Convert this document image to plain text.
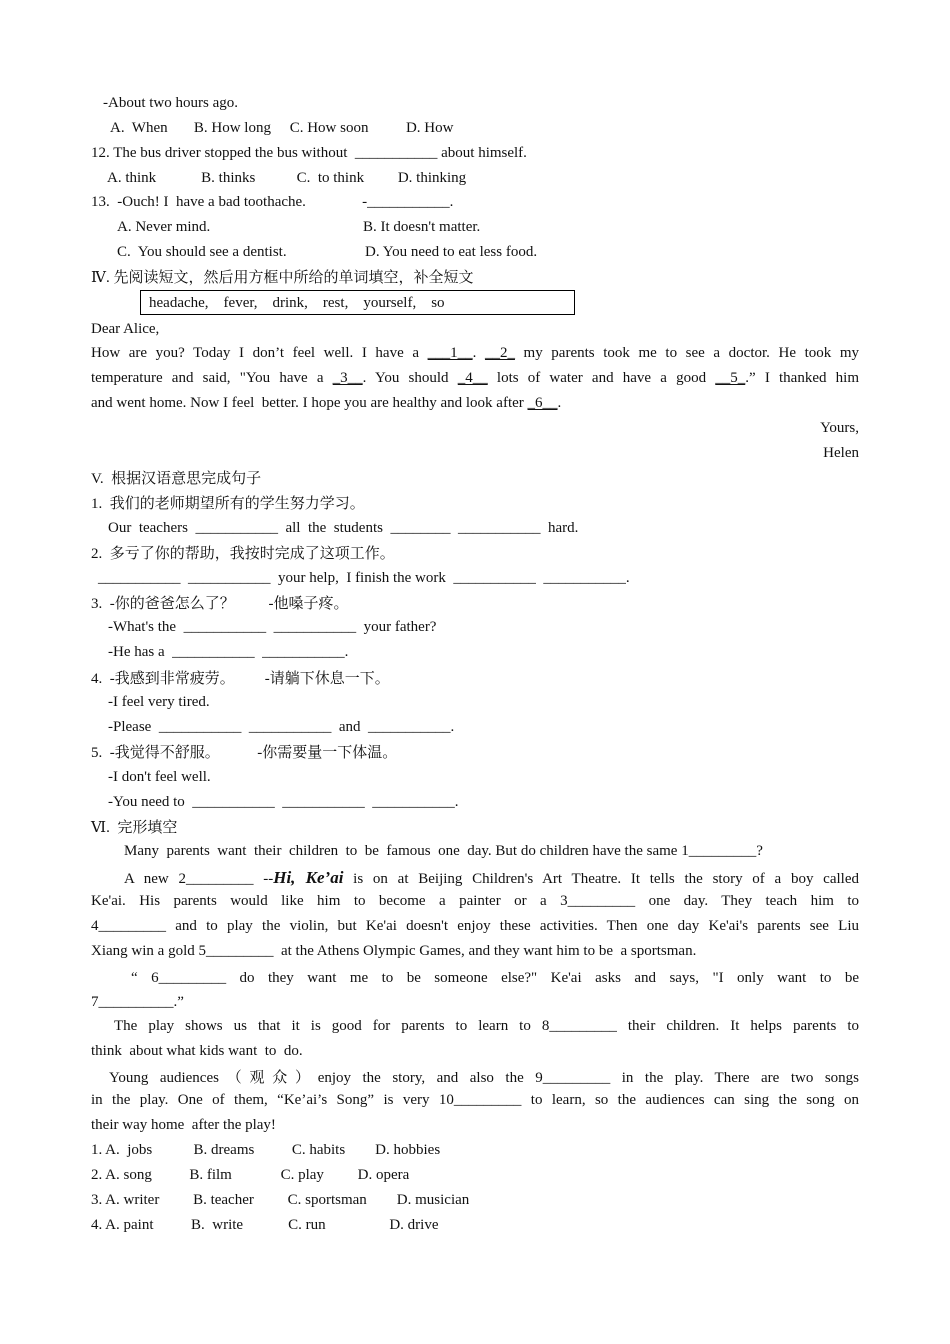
-About two hours ago.
A.  When       B. How long     C. How soon          D. How
12. The bus driver stopped the bus without  ___________ about himself.
A. think            B. thinks           C.  to think         D. thinking
13.  -Ouch! I  have a bad toothache.               -___________.
A. Never mind.	B. It doesn't matter.
C.  You should see a dentist.	D. You need to eat less food.
Ⅳ. 先阅读短文，然后用方框中所给的单词填空，补全短文
headache,    fever,    drink,    rest,    yourself,    so
Dear Alice,
How are you? Today I don’t feel well. I have a ___1__. __2_ my parents took me to see a doctor. He took my
temperature and said, "You have a _3__. You should _4__ lots of water and have a good __5_.” I thanked him
and went home. Now I feel  better. I hope you are healthy and look after _6__.
Yours,
Helen
V.  根据汉语意思完成句子
1.  我们的老师期望所有的学生努力学习。
Our  teachers  ___________  all  the  students  ________  ___________  hard.
2.  多亏了你的帮助，我按时完成了这项工作。
___________  ___________  your help,  I finish the work  ___________  ___________.
3.  -你的爸爸怎么了？         -他嗓子疼。
-What's the  ___________  ___________  your father?
-He has a  ___________  ___________.
4.  -我感到非常疲劳。        -请躺下休息一下。
-I feel very tired.
-Please  ___________  ___________  and  ___________.
5.  -我觉得不舒服。          -你需要量一下体温。
-I don't feel well.
-You need to  ___________  ___________  ___________.
Ⅵ.  完形填空
Many  parents  want  their  children  to  be  famous  one  day. But do children have the same 1_________?
A new 2_________ --Hi, Ke’ai is on at Beijing Children's Art Theatre. It tells the story of a boy called
Ke'ai. His parents would like him to become a painter or a 3_________ one day. They teach him to
4_________ and to play the violin, but Ke'ai doesn't enjoy these activities. Then one day Ke'ai's parents see Liu
Xiang win a gold 5_________  at the Athens Olympic Games, and they want him to be  a sportsman.
“ 6_________ do they want me to be someone else?" Ke'ai asks and says, "I only want to be
7__________.”
The play shows us that it is good for parents to learn to 8_________ their children. It helps parents to
think  about what kids want  to  do.
Young audiences（观众）enjoy the story, and also the 9_________ in the play. There are two songs
in the play. One of them, “Ke’ai’s Song” is very 10_________ to learn, so the audiences can sing the song on
their way home  after the play!
1. A.  jobs           B. dreams          C. habits        D. hobbies
2. A. song          B. film             C. play         D. opera
3. A. writer         B. teacher         C. sportsman        D. musician
4. A. paint          B.  write            C. run                 D. drive
